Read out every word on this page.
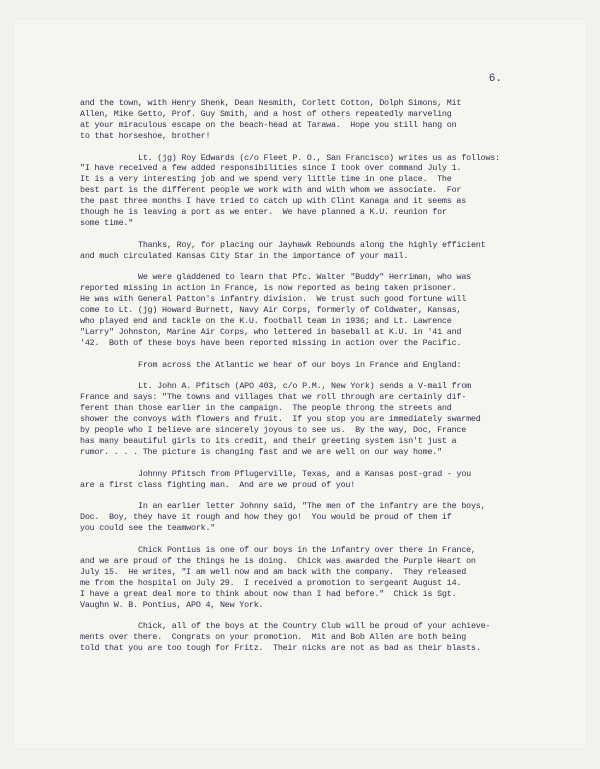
6.
and the town, with Henry Shenk, Dean Nesmith, Corlett Cotton, Dolph Simons, Mit
Allen, Mike Getto, Prof. Guy Smith, and a host of others repeatedly marveling
at your miraculous escape on the beach-head at Tarawa.  Hope you still hang on
to that horseshoe, brother!
Lt. (jg) Roy Edwards (c/o Fleet P. O., San Francisco) writes us as follows:
"I have received a few added responsibilities since I took over command July 1.
It is a very interesting job and we spend very little time in one place.  The
best part is the different people we work with and with whom we associate.  For
the past three months I have tried to catch up with Clint Kanaga and it seems as
though he is leaving a port as we enter.  We have planned a K.U. reunion for
some time."
Thanks, Roy, for placing our Jayhawk Rebounds along the highly efficient
and much circulated Kansas City Star in the importance of your mail.
We were gladdened to learn that Pfc. Walter "Buddy" Herriman, who was
reported missing in action in France, is now reported as being taken prisoner.
He was with General Patton's infantry division.  We trust such good fortune will
come to Lt. (jg) Howard Burnett, Navy Air Corps, formerly of Coldwater, Kansas,
who played end and tackle on the K.U. football team in 1936; and Lt. Lawrence
"Larry" Johnston, Marine Air Corps, who lettered in baseball at K.U. in '41 and
'42.  Both of these boys have been reported missing in action over the Pacific.
From across the Atlantic we hear of our boys in France and England:
Lt. John A. Pfitsch (APO 403, c/o P.M., New York) sends a V-mail from
France and says: "The towns and villages that we roll through are certainly dif-
ferent than those earlier in the campaign.  The people throng the streets and
shower the convoys with flowers and fruit.  If you stop you are immediately swarmed
by people who I believe are sincerely joyous to see us.  By the way, Doc, France
has many beautiful girls to its credit, and their greeting system isn't just a
rumor. . . . The picture is changing fast and we are well on our way home."
Johnny Pfitsch from Pflugerville, Texas, and a Kansas post-grad - you
are a first class fighting man.  And are we proud of you!
In an earlier letter Johnny said, "The men of the infantry are the boys,
Doc.  Boy, they have it rough and how they go!  You would be proud of them if
you could see the teamwork."
Chick Pontius is one of our boys in the infantry over there in France,
and we are proud of the things he is doing.  Chick was awarded the Purple Heart on
July 15.  He writes, "I am well now and am back with the company.  They released
me from the hospital on July 29.  I received a promotion to sergeant August 14.
I have a great deal more to think about now than I had before."  Chick is Sgt.
Vaughn W. B. Pontius, APO 4, New York.
Chick, all of the boys at the Country Club will be proud of your achieve-
ments over there.  Congrats on your promotion.  Mit and Bob Allen are both being
told that you are too tough for Fritz.  Their nicks are not as bad as their blasts.
